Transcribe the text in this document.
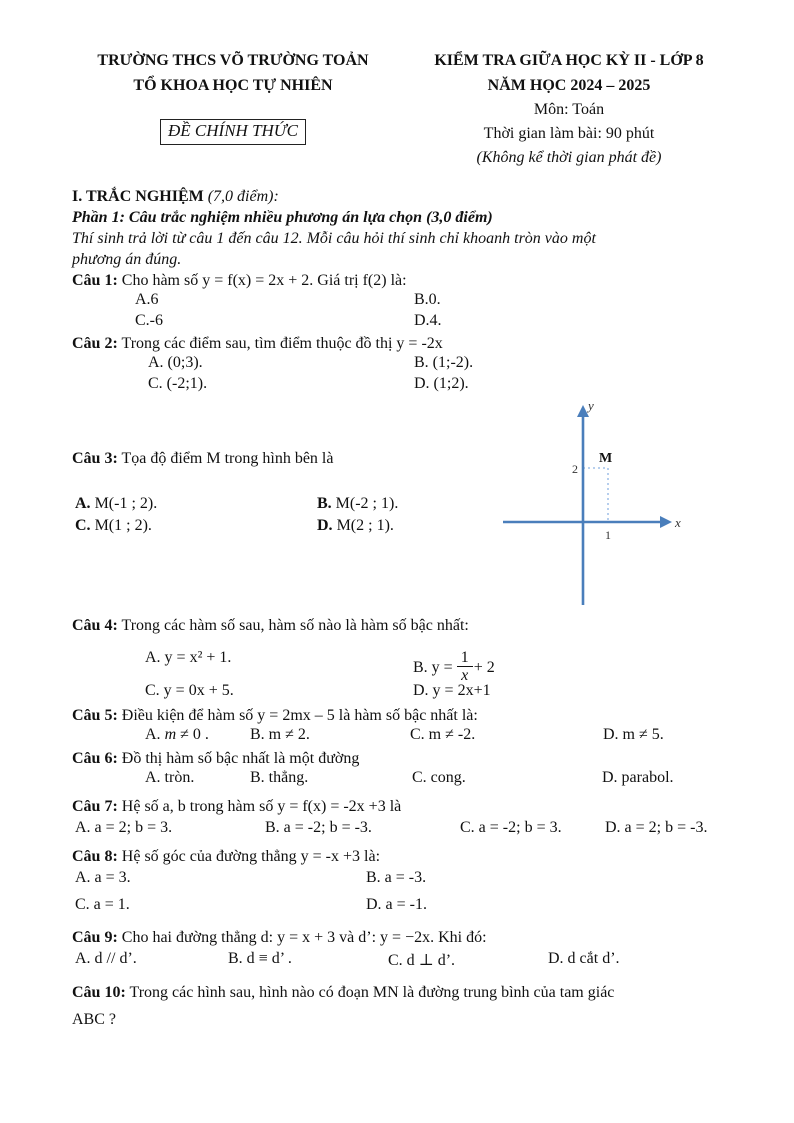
TRƯỜNG THCS VÕ TRƯỜNG TOẢN
TỔ KHOA HỌC TỰ NHIÊN
ĐỀ CHÍNH THỨC
KIỂM TRA GIỮA HỌC KỲ II - LỚP 8
NĂM HỌC 2024 – 2025
Môn: Toán
Thời gian làm bài: 90 phút
(Không kể thời gian phát đề)

I. TRẮC NGHIỆM (7,0 điểm):

Phần 1: Câu trắc nghiệm nhiều phương án lựa chọn (3,0 điểm)

Thí sinh trả lời từ câu 1 đến câu 12. Mỗi câu hỏi thí sinh chỉ khoanh tròn vào một

phương án đúng.

Câu 1: Cho hàm số y = f(x) = 2x + 2. Giá trị f(2) là:

A.6	B.0.
C.-6	D.4.

Câu 2: Trong các điểm sau, tìm điểm thuộc đồ thị y = -2x

A. (0;3).	B. (1;-2).
C. (-2;1).	D. (1;2).
y
x
M
2
1

Câu 3: Tọa độ điểm M trong hình bên là

A. M(-1 ; 2).	B. M(-2 ; 1).
C. M(1 ; 2).	D. M(2 ; 1).

Câu 4: Trong các hàm số sau, hàm số nào là hàm số bậc nhất:

A. y = x² + 1.
B. $y = \frac{1}{x} + 2$
C. y = 0x + 5.	D. y = 2x+1

Câu 5: Điều kiện để hàm số y = 2mx – 5 là hàm số bậc nhất là:

A. m ≠ 0 .	B. m ≠ 2.	C. m ≠ -2.	D. m ≠ 5.

Câu 6: Đồ thị hàm số bậc nhất là một đường

A. tròn.	B. thẳng.	C. cong.	D. parabol.

Câu 7: Hệ số a, b trong hàm số y = f(x) = -2x +3 là

A. a = 2; b = 3.	B. a = -2; b = -3.	C. a = -2; b = 3.	D. a = 2; b = -3.

Câu 8: Hệ số góc của đường thẳng y = -x +3 là:

A. a = 3.	B. a = -3.
C. a = 1.	D. a = -1.

Câu 9: Cho hai đường thẳng d: y = x + 3 và d’: y = −2x. Khi đó:

A. d // d’.	B. d ≡ d’ .	C. d ⊥ d’.	D. d cắt d’.

Câu 10: Trong các hình sau, hình nào có đoạn MN là đường trung bình của tam giác

ABC ?
